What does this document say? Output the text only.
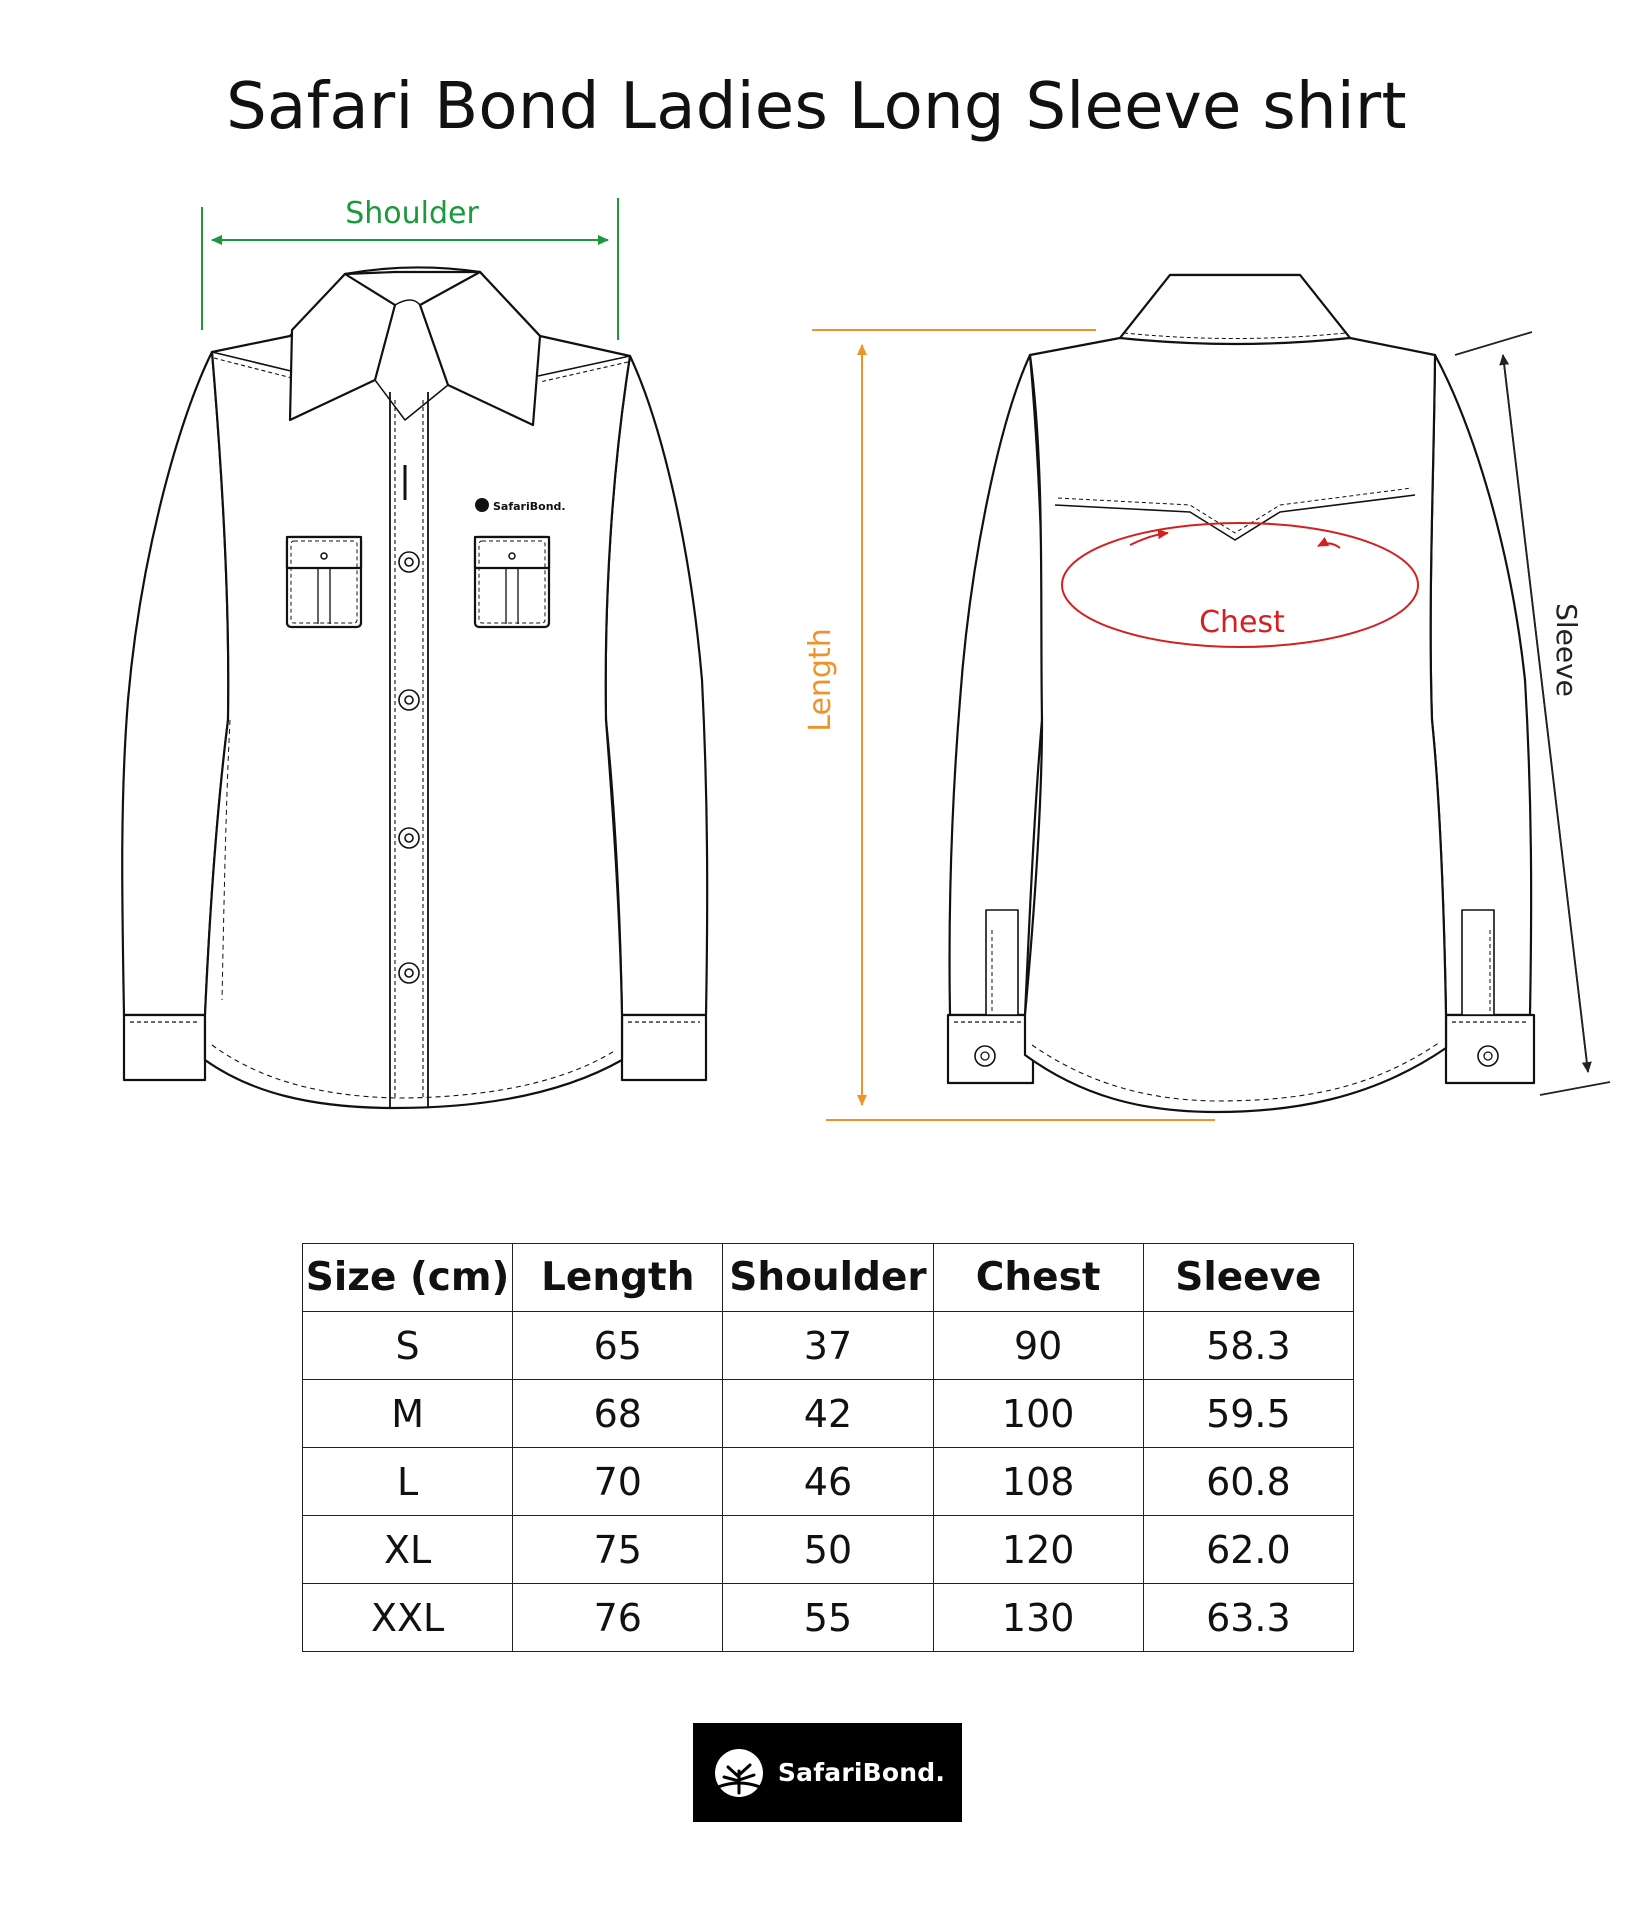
Safari Bond Ladies Long Sleeve shirt
SafariBond.
Shoulder
Chest
Length	Sleeve
Size (cm)	Length	Shoulder	Chest	Sleeve
S	65	37	90	58.3
M	68	42	100	59.5
L	70	46	108	60.8
XL	75	50	120	62.0
XXL	76	55	130	63.3
SafariBond.
